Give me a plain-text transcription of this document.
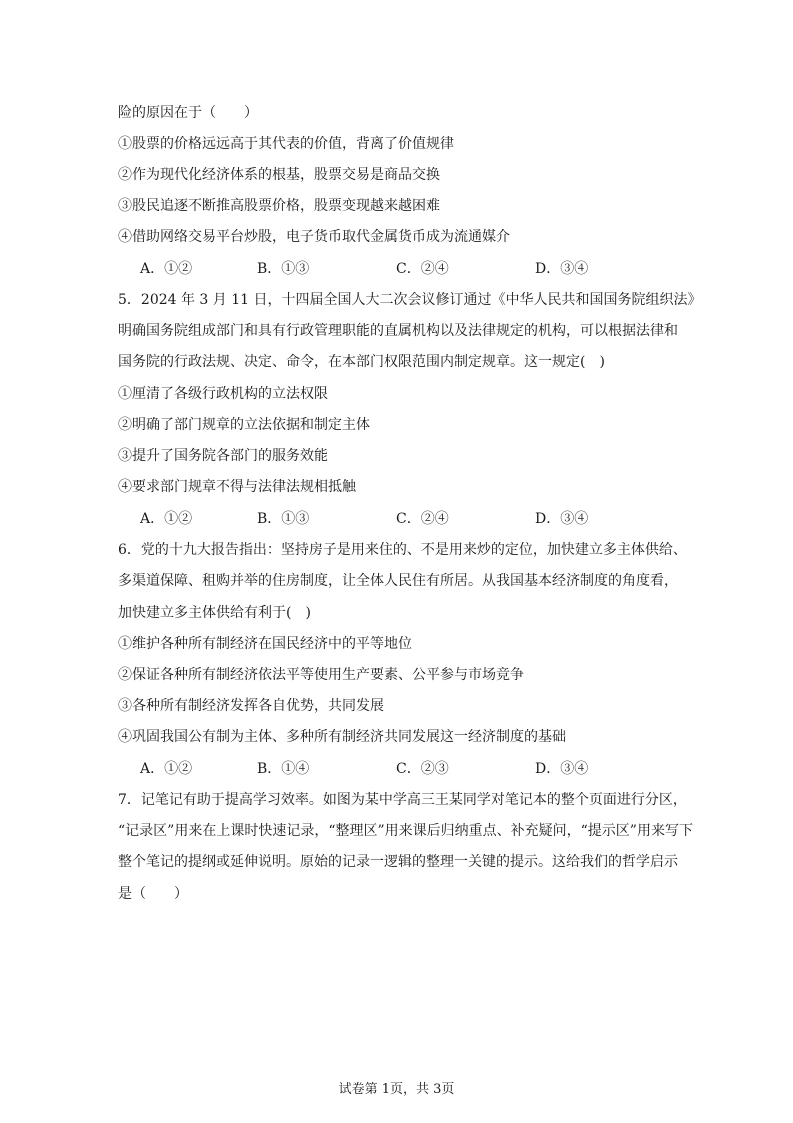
险的原因在于（　　）
①股票的价格远远高于其代表的价值，背离了价值规律
②作为现代化经济体系的根基，股票交易是商品交换
③股民追逐不断推高股票价格，股票变现越来越困难
④借助网络交易平台炒股，电子货币取代金属货币成为流通媒介
A．①②	B．①③	C．②④	D．③④
5．2024 年 3 月 11 日，十四届全国人大二次会议修订通过《中华人民共和国国务院组织法》
明确国务院组成部门和具有行政管理职能的直属机构以及法律规定的机构，可以根据法律和
国务院的行政法规、决定、命令，在本部门权限范围内制定规章。这一规定(　)
①厘清了各级行政机构的立法权限
②明确了部门规章的立法依据和制定主体
③提升了国务院各部门的服务效能
④要求部门规章不得与法律法规相抵触
A．①②	B．①③	C．②④	D．③④
6．党的十九大报告指出：坚持房子是用来住的、不是用来炒的定位，加快建立多主体供给、
多渠道保障、租购并举的住房制度，让全体人民住有所居。从我国基本经济制度的角度看，
加快建立多主体供给有利于(　)
①维护各种所有制经济在国民经济中的平等地位
②保证各种所有制经济依法平等使用生产要素、公平参与市场竞争
③各种所有制经济发挥各自优势，共同发展
④巩固我国公有制为主体、多种所有制经济共同发展这一经济制度的基础
A．①②	B．①④	C．②③	D．③④
7．记笔记有助于提高学习效率。如图为某中学高三王某同学对笔记本的整个页面进行分区，
“记录区”用来在上课时快速记录，“整理区”用来课后归纳重点、补充疑问，“提示区”用来写下
整个笔记的提纲或延伸说明。原始的记录一逻辑的整理一关键的提示。这给我们的哲学启示
是（　　）
试卷第 1页，共 3页
